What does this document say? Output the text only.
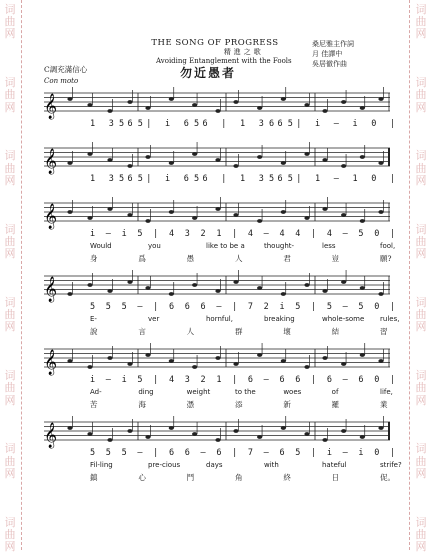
词
曲
网

词
曲
网

词
曲
网

词
曲
网

词
曲
网

词
曲
网

词
曲
网

词
曲
网
词
曲
网

词
曲
网

词
曲
网

词
曲
网

词
曲
网

词
曲
网

词
曲
网

词
曲
网
THE SONG OF PROGRESS
精進之歌
Avoiding Entanglement with the Fools
勿近愚者
桑尼雅主作詞
月 佳譯中
吳居徹作曲
C調充滿信心
Con moto
𝄞
1 3 5 6 5 | i 6 5 6 | 1 3 6 6 5 | i — i 0 |
𝄞
1 3 5 6 5 | i 6 5 6 | 1 3 5 6 5 | 1 — 1 0 |
𝄞
i — i 5 | 4 3 2 1 | 4 — 4 4 | 4 — 5 0 |
Would	you	like to be a	thought-	less	fool,
身	爲	愚	人	君	豈	願?
𝄞
5 5 5 — | 6 6 6 — | 7 2 i 5 | 5 — 5 0 |
E-	ver	hornful,	breaking	whole-some rules,
說	言	人	群	壞	結	習
𝄞
i — i 5 | 4 3 2 1 | 6 — 6 6 | 6 — 6 0 |
Ad-	ding	weight	to the	woes	of	life,
苦	海	憑	添	新	羅	業
𝄞
5 5 5 — | 6 6 — 6 | 7 — 6 5 | i — i 0 |
Fil-ling	pre-cious	days	with	hateful	strife?
鎮	心	鬥	角	終	日	促。
